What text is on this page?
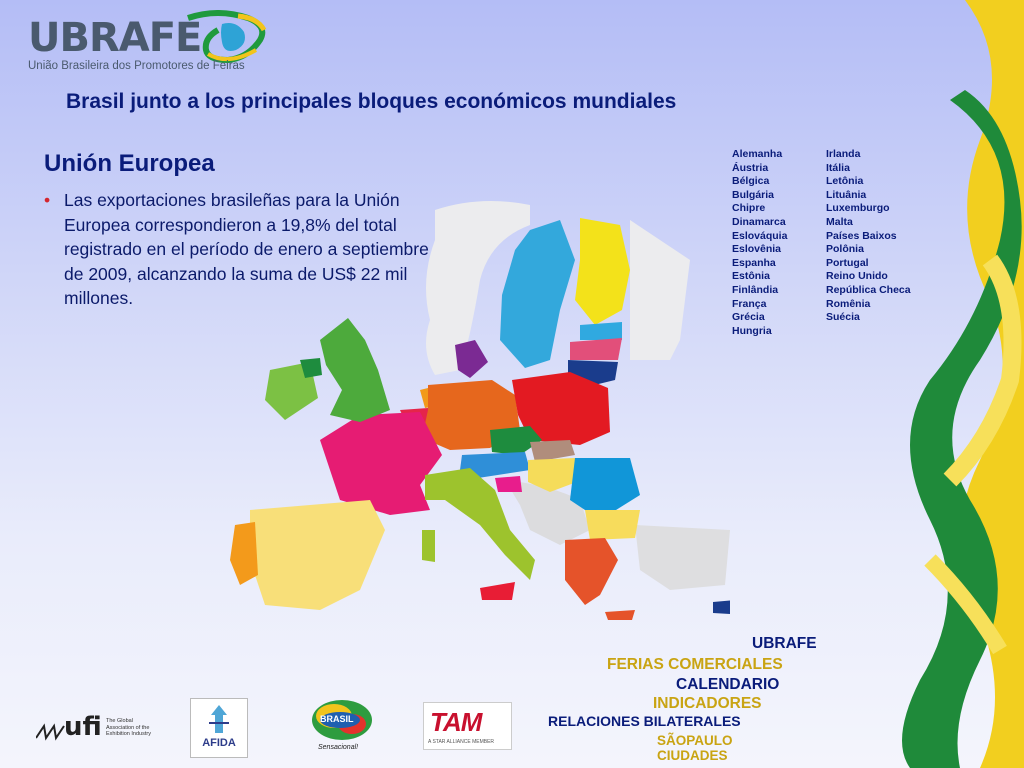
UBRAFE
União Brasileira dos Promotores de Feiras
Brasil junto a los principales bloques económicos mundiales
Unión Europea
• Las exportaciones brasileñas para la Unión Europea correspondieron a 19,8% del total registrado en el período de enero a septiembre de 2009, alcanzando la suma de US$ 22 mil millones.
Alemanha
Áustria
Bélgica
Bulgária
Chipre
Dinamarca
Eslováquia
Eslovênia
Espanha
Estônia
Finlândia
França
Grécia
Hungria
Irlanda
Itália
Letônia
Lituânia
Luxemburgo
Malta
Países Baixos
Polônia
Portugal
Reino Unido
República Checa
Romênia
Suécia
UBRAFE
FERIAS COMERCIALES
CALENDARIO
INDICADORES
RELACIONES BILATERALES
SÃOPAULO
CIUDADES
ufi The Global
Association of the
Exhibition Industry
AFIDA
BRASIL
Sensacional!
TAM
A STAR ALLIANCE MEMBER
